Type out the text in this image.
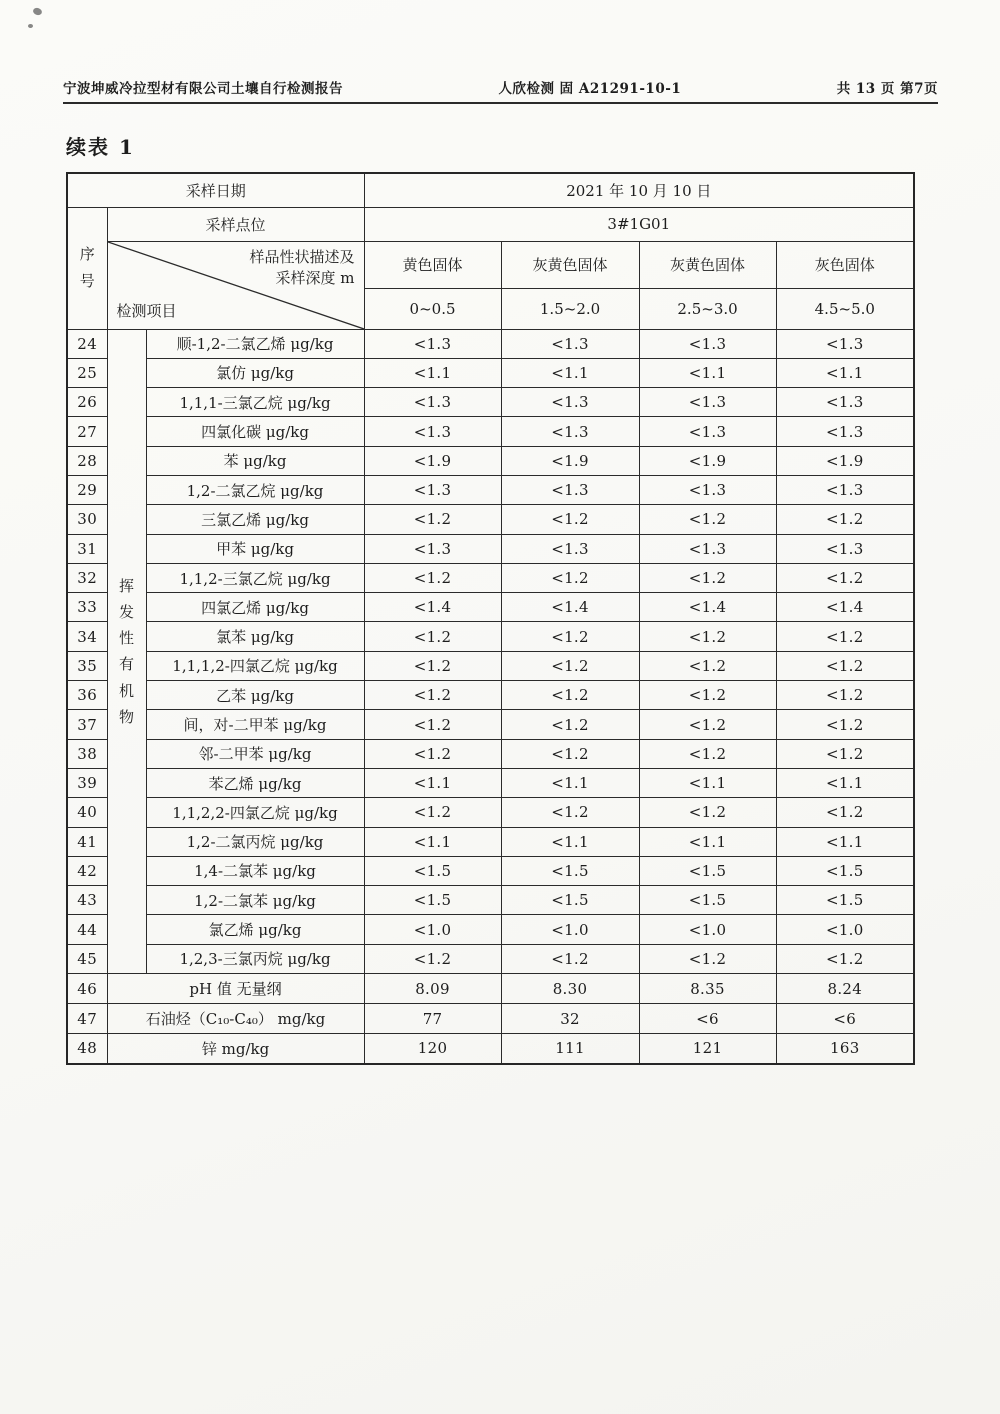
宁波坤威冷拉型材有限公司土壤自行检测报告	人欣检测 固 A21291-10-1	共 13 页 第7页
续表 1
采样日期			2021 年 10 月 10 日			

序号	采样点位		3#1G01			

	样品性状描述及
采样深度 m
检测项目		黄色固体	灰黄色固体	灰黄色固体	灰色固体
			0~0.5	1.5~2.0	2.5~3.0	4.5~5.0
24	挥发性有机物	顺-1,2-二氯乙烯 μg/kg	<1.3	<1.3	<1.3	<1.3
25		氯仿 μg/kg	<1.1	<1.1	<1.1	<1.1
26		1,1,1-三氯乙烷 μg/kg	<1.3	<1.3	<1.3	<1.3
27		四氯化碳 μg/kg	<1.3	<1.3	<1.3	<1.3
28		苯 μg/kg	<1.9	<1.9	<1.9	<1.9
29		1,2-二氯乙烷 μg/kg	<1.3	<1.3	<1.3	<1.3
30		三氯乙烯 μg/kg	<1.2	<1.2	<1.2	<1.2
31		甲苯 μg/kg	<1.3	<1.3	<1.3	<1.3
32		1,1,2-三氯乙烷 μg/kg	<1.2	<1.2	<1.2	<1.2
33		四氯乙烯 μg/kg	<1.4	<1.4	<1.4	<1.4
34		氯苯 μg/kg	<1.2	<1.2	<1.2	<1.2
35		1,1,1,2-四氯乙烷 μg/kg	<1.2	<1.2	<1.2	<1.2
36		乙苯 μg/kg	<1.2	<1.2	<1.2	<1.2
37		间，对-二甲苯 μg/kg	<1.2	<1.2	<1.2	<1.2
38		邻-二甲苯 μg/kg	<1.2	<1.2	<1.2	<1.2
39		苯乙烯 μg/kg	<1.1	<1.1	<1.1	<1.1
40		1,1,2,2-四氯乙烷 μg/kg	<1.2	<1.2	<1.2	<1.2
41		1,2-二氯丙烷 μg/kg	<1.1	<1.1	<1.1	<1.1
42		1,4-二氯苯 μg/kg	<1.5	<1.5	<1.5	<1.5
43		1,2-二氯苯 μg/kg	<1.5	<1.5	<1.5	<1.5
44		氯乙烯 μg/kg	<1.0	<1.0	<1.0	<1.0
45		1,2,3-三氯丙烷 μg/kg	<1.2	<1.2	<1.2	<1.2
46	pH 值 无量纲		8.09	8.30	8.35	8.24
47	石油烃（C₁₀-C₄₀） mg/kg		77	32	<6	<6
48	锌 mg/kg		120	111	121	163
